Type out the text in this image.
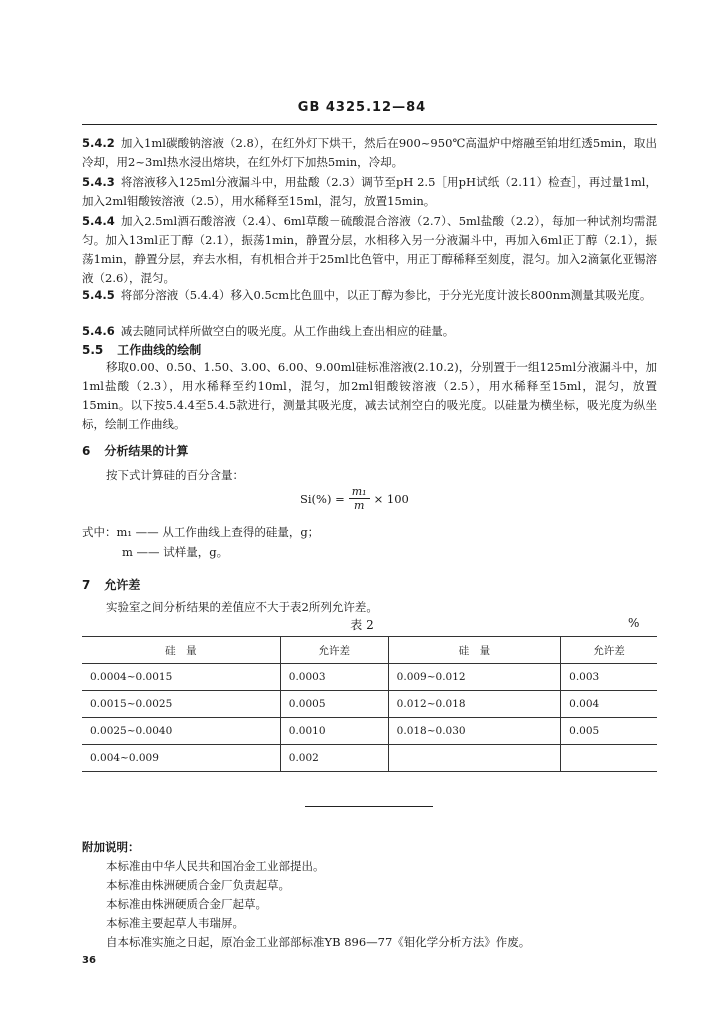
GB 4325.12—84
5.4.2 加入1ml碳酸钠溶液（2.8），在红外灯下烘干，然后在900~950℃高温炉中熔融至铂坩红透5min，取出冷却，用2~3ml热水浸出熔块，在红外灯下加热5min，冷却。
5.4.3 将溶液移入125ml分液漏斗中，用盐酸（2.3）调节至pH 2.5［用pH试纸（2.11）检查］，再过量1ml，加入2ml钼酸铵溶液（2.5），用水稀释至15ml，混匀，放置15min。
5.4.4 加入2.5ml酒石酸溶液（2.4）、6ml草酸－硫酸混合溶液（2.7）、5ml盐酸（2.2），每加一种试剂均需混匀。加入13ml正丁醇（2.1），振荡1min，静置分层，水相移入另一分液漏斗中，再加入6ml正丁醇（2.1），振荡1min，静置分层，弃去水相，有机相合并于25ml比色管中，用正丁醇稀释至刻度，混匀。加入2滴氯化亚锡溶液（2.6），混匀。
5.4.5 将部分溶液（5.4.4）移入0.5cm比色皿中，以正丁醇为参比，于分光光度计波长800nm测量其吸光度。
5.4.6 减去随同试样所做空白的吸光度。从工作曲线上查出相应的硅量。
5.5 工作曲线的绘制
移取0.00、0.50、1.50、3.00、6.00、9.00ml硅标准溶液(2.10.2)，分别置于一组125ml分液漏斗中，加1ml盐酸（2.3），用水稀释至约10ml，混匀，加2ml钼酸铵溶液（2.5），用水稀释至15ml，混匀，放置15min。以下按5.4.4至5.4.5款进行，测量其吸光度，减去试剂空白的吸光度。以硅量为横坐标，吸光度为纵坐标，绘制工作曲线。
6 分析结果的计算
按下式计算硅的百分含量：
$Si(\%) = \frac{\text{m₁}}{m} \times 100$
式中：m₁ —— 从工作曲线上查得的硅量，g；
m —— 试样量，g。
7 允许差
实验室之间分析结果的差值应不大于表2所列允许差。
表 2	%
硅　量	允许差	硅　量	允许差
0.0004~0.0015	0.0003	0.009~0.012	0.003
0.0015~0.0025	0.0005	0.012~0.018	0.004
0.0025~0.0040	0.0010	0.018~0.030	0.005
0.004~0.009	0.002		
附加说明：
本标准由中华人民共和国冶金工业部提出。
本标准由株洲硬质合金厂负责起草。
本标准由株洲硬质合金厂起草。
本标准主要起草人韦瑞屏。
自本标准实施之日起，原冶金工业部部标准YB 896—77《钼化学分析方法》作废。
36
